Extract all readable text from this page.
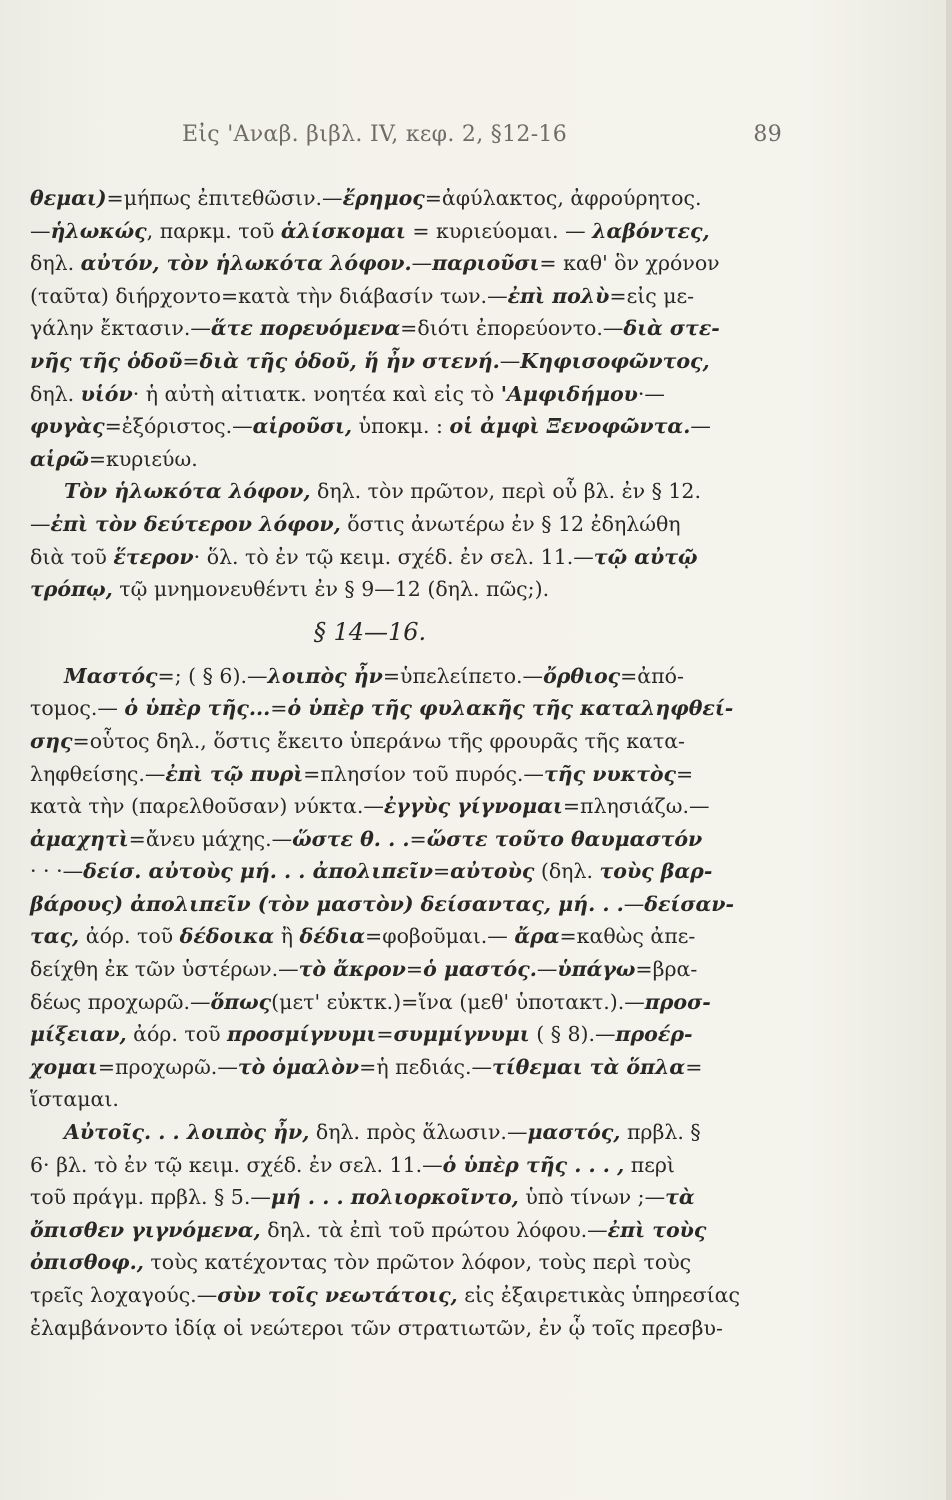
Εἰς 'Αναβ. βιβλ. IV, κεφ. 2, §12-16	89
θεμαι)=μήπως ἐπιτεθῶσιν.—ἔρημος=ἀφύλακτος, ἀφρούρητος.
—ἡλωκώς, παρκμ. τοῦ ἁλίσκομαι = κυριεύομαι. — λαβόντες,
δηλ. αὐτόν, τὸν ἡλωκότα λόφον.—παριοῦσι= καθ' ὃν χρόνον
(ταῦτα) διήρχοντο=κατὰ τὴν διάβασίν των.—ἐπὶ πολὺ=εἰς με-
γάλην ἔκτασιν.—ἅτε πορευόμενα=διότι ἐπορεύοντο.—διὰ στε-
νῆς τῆς ὁδοῦ=διὰ τῆς ὁδοῦ, ἥ ἦν στενή.—Κηφισοφῶντος,
δηλ. υἱόν· ἡ αὐτὴ αἰτιατκ. νοητέα καὶ εἰς τὸ 'Αμφιδήμου·—
φυγὰς=ἐξόριστος.—αἱροῦσι, ὑποκμ. : οἱ ἀμφὶ Ξενοφῶντα.—
αἱρῶ=κυριεύω.
Τὸν ἡλωκότα λόφον, δηλ. τὸν πρῶτον, περὶ οὗ βλ. ἐν § 12.
—ἐπὶ τὸν δεύτερον λόφον, ὅστις ἀνωτέρω ἐν § 12 ἐδηλώθη
διὰ τοῦ ἕτερον· ὅλ. τὸ ἐν τῷ κειμ. σχέδ. ἐν σελ. 11.—τῷ αὐτῷ
τρόπῳ, τῷ μνημονευθέντι ἐν § 9—12 (δηλ. πῶς;).
§ 14—16.
Μαστός=; ( § 6).—λοιπὸς ἦν=ὑπελείπετο.—ὄρθιος=ἀπό-
τομος.— ὁ ὑπὲρ τῆς...=ὁ ὑπὲρ τῆς φυλακῆς τῆς καταληφθεί-
σης=οὗτος δηλ., ὅστις ἔκειτο ὑπεράνω τῆς φρουρᾶς τῆς κατα-
ληφθείσης.—ἐπὶ τῷ πυρὶ=πλησίον τοῦ πυρός.—τῆς νυκτὸς=
κατὰ τὴν (παρελθοῦσαν) νύκτα.—ἐγγὺς γίγνομαι=πλησιάζω.—
ἀμαχητὶ=ἄνευ μάχης.—ὥστε θ. . .=ὥστε τοῦτο θαυμαστόν
· · ·—δείσ. αὐτοὺς μή. . . ἀπολιπεῖν=αὐτοὺς (δηλ. τοὺς βαρ-
βάρους) ἀπολιπεῖν (τὸν μαστὸν) δείσαντας, μή. . .—δείσαν-
τας, ἀόρ. τοῦ δέδοικα ἢ δέδια=φοβοῦμαι.— ἄρα=καθὼς ἀπε-
δείχθη ἐκ τῶν ὑστέρων.—τὸ ἄκρον=ὁ μαστός.—ὑπάγω=βρα-
δέως προχωρῶ.—ὅπως(μετ' εὐκτκ.)=ἵνα (μεθ' ὑποτακτ.).—προσ-
μίξειαν, ἀόρ. τοῦ προσμίγνυμι=συμμίγνυμι ( § 8).—προέρ-
χομαι=προχωρῶ.—τὸ ὁμαλὸν=ἡ πεδιάς.—τίθεμαι τὰ ὅπλα=
ἵσταμαι.
Αὐτοῖς. . . λοιπὸς ἦν, δηλ. πρὸς ἅλωσιν.—μαστός, πρβλ. §
6· βλ. τὸ ἐν τῷ κειμ. σχέδ. ἐν σελ. 11.—ὁ ὑπὲρ τῆς . . . , περὶ
τοῦ πράγμ. πρβλ. § 5.—μή . . . πολιορκοῖντο, ὑπὸ τίνων ;—τὰ
ὄπισθεν γιγνόμενα, δηλ. τὰ ἐπὶ τοῦ πρώτου λόφου.—ἐπὶ τοὺς
ὀπισθοφ., τοὺς κατέχοντας τὸν πρῶτον λόφον, τοὺς περὶ τοὺς
τρεῖς λοχαγούς.—σὺν τοῖς νεωτάτοις, εἰς ἐξαιρετικὰς ὑπηρεσίας
ἐλαμβάνοντο ἰδίᾳ οἱ νεώτεροι τῶν στρατιωτῶν, ἐν ᾧ τοῖς πρεσβυ-
